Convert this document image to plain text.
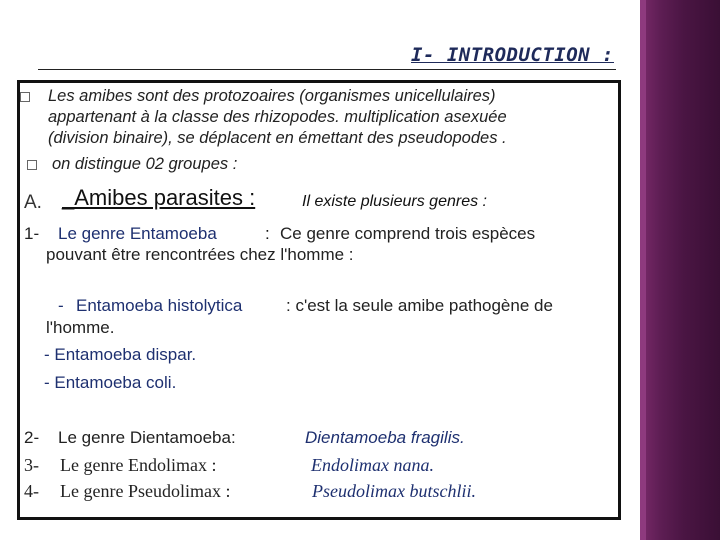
I- INTRODUCTION :
Les amibes sont des protozoaires (organismes unicellulaires)
appartenant à la classe des rhizopodes. multiplication asexuée
(division binaire), se déplacent en émettant des pseudopodes .
on distingue 02 groupes :
A. _Amibes parasites :	Il existe plusieurs genres :
1- Le genre Entamoeba	: Ce genre comprend trois espèces
pouvant être rencontrées chez l'homme :
- Entamoeba histolytica	: c'est la seule amibe pathogène de
l'homme.
- Entamoeba dispar.
- Entamoeba coli.
2- Le genre Dientamoeba:	Dientamoeba fragilis.
3- Le genre Endolimax :	Endolimax nana.
4- Le genre Pseudolimax :	Pseudolimax butschlii.
